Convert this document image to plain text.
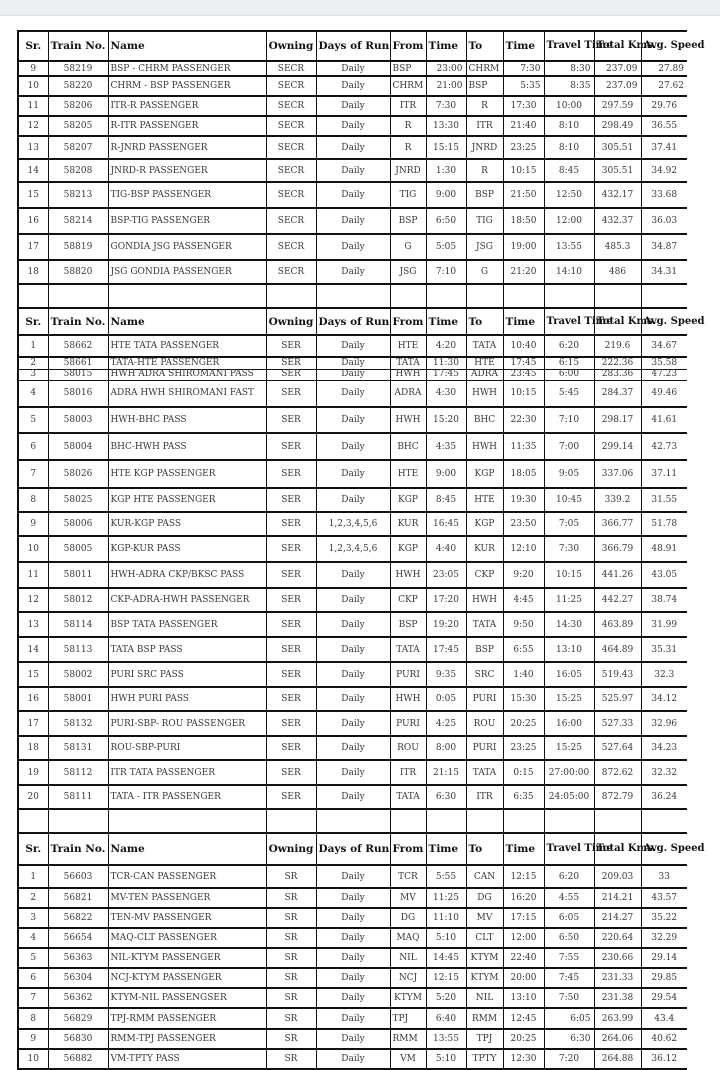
Sr.	Train No.	Name	Owning	Days of Run	From	Time	To	Time	Travel Time	Total Kms.	Avg. Speed
9	58219	BSP - CHRM PASSENGER	SECR	Daily	BSP	23:00	CHRM	7:30	8:30	237.09	27.89
10	58220	CHRM - BSP PASSENGER	SECR	Daily	CHRM	21:00	BSP	5:35	8:35	237.09	27.62
11	58206	ITR-R PASSENGER	SECR	Daily	ITR	7:30	R	17:30	10:00	297.59	29.76
12	58205	R-ITR PASSENGER	SECR	Daily	R	13:30	ITR	21:40	8:10	298.49	36.55
13	58207	R-JNRD PASSENGER	SECR	Daily	R	15:15	JNRD	23:25	8:10	305.51	37.41
14	58208	JNRD-R PASSENGER	SECR	Daily	JNRD	1:30	R	10:15	8:45	305.51	34.92
15	58213	TIG-BSP PASSENGER	SECR	Daily	TIG	9:00	BSP	21:50	12:50	432.17	33.68
16	58214	BSP-TIG PASSENGER	SECR	Daily	BSP	6:50	TIG	18:50	12:00	432.37	36.03
17	58819	GONDIA JSG PASSENGER	SECR	Daily	G	5:05	JSG	19:00	13:55	485.3	34.87
18	58820	JSG GONDIA PASSENGER	SECR	Daily	JSG	7:10	G	21:20	14:10	486	34.31

Sr.	Train No.	Name	Owning	Days of Run	From	Time	To	Time	Travel Time	Total Kms.	Avg. Speed
1	58662	HTE TATA PASSENGER	SER	Daily	HTE	4:20	TATA	10:40	6:20	219.6	34.67
2	58661	TATA-HTE PASSENGER	SER	Daily	TATA	11:30	HTE	17:45	6:15	222.36	35.58
3	58015	HWH ADRA SHIROMANI PASS	SER	Daily	HWH	17:45	ADRA	23:45	6:00	283.36	47.23
4	58016	ADRA HWH SHIROMANI FAST	SER	Daily	ADRA	4:30	HWH	10:15	5:45	284.37	49.46
5	58003	HWH-BHC PASS	SER	Daily	HWH	15:20	BHC	22:30	7:10	298.17	41.61
6	58004	BHC-HWH PASS	SER	Daily	BHC	4:35	HWH	11:35	7:00	299.14	42.73
7	58026	HTE KGP PASSENGER	SER	Daily	HTE	9:00	KGP	18:05	9:05	337.06	37.11
8	58025	KGP HTE PASSENGER	SER	Daily	KGP	8:45	HTE	19:30	10:45	339.2	31.55
9	58006	KUR-KGP PASS	SER	1,2,3,4,5,6	KUR	16:45	KGP	23:50	7:05	366.77	51.78
10	58005	KGP-KUR PASS	SER	1,2,3,4,5,6	KGP	4:40	KUR	12:10	7:30	366.79	48.91
11	58011	HWH-ADRA CKP/BKSC PASS	SER	Daily	HWH	23:05	CKP	9:20	10:15	441.26	43.05
12	58012	CKP-ADRA-HWH PASSENGER	SER	Daily	CKP	17:20	HWH	4:45	11:25	442.27	38.74
13	58114	BSP TATA PASSENGER	SER	Daily	BSP	19:20	TATA	9:50	14:30	463.89	31.99
14	58113	TATA BSP PASS	SER	Daily	TATA	17:45	BSP	6:55	13:10	464.89	35.31
15	58002	PURI SRC PASS	SER	Daily	PURI	9:35	SRC	1:40	16:05	519.43	32.3
16	58001	HWH PURI PASS	SER	Daily	HWH	0:05	PURI	15:30	15:25	525.97	34.12
17	58132	PURI-SBP- ROU PASSENGER	SER	Daily	PURI	4:25	ROU	20:25	16:00	527.33	32.96
18	58131	ROU-SBP-PURI	SER	Daily	ROU	8:00	PURI	23:25	15:25	527.64	34.23
19	58112	ITR TATA PASSENGER	SER	Daily	ITR	21:15	TATA	0:15	27:00:00	872.62	32.32
20	58111	TATA - ITR PASSENGER	SER	Daily	TATA	6:30	ITR	6:35	24:05:00	872.79	36.24

Sr.	Train No.	Name	Owning	Days of Run	From	Time	To	Time	Travel Time	Total Kms.	Avg. Speed
1	56603	TCR-CAN PASSENGER	SR	Daily	TCR	5:55	CAN	12:15	6:20	209.03	33
2	56821	MV-TEN PASSENGER	SR	Daily	MV	11:25	DG	16:20	4:55	214.21	43.57
3	56822	TEN-MV PASSENGER	SR	Daily	DG	11:10	MV	17:15	6:05	214.27	35.22
4	56654	MAQ-CLT PASSENGER	SR	Daily	MAQ	5:10	CLT	12:00	6:50	220.64	32.29
5	56363	NIL-KTYM PASSENGER	SR	Daily	NIL	14:45	KTYM	22:40	7:55	230.66	29.14
6	56304	NCJ-KTYM PASSENGER	SR	Daily	NCJ	12:15	KTYM	20:00	7:45	231.33	29.85
7	56362	KTYM-NIL PASSENGSER	SR	Daily	KTYM	5:20	NIL	13:10	7:50	231.38	29.54
8	56829	TPJ-RMM PASSENGER	SR	Daily	TPJ	6:40	RMM	12:45	6:05	263.99	43.4
9	56830	RMM-TPJ PASSENGER	SR	Daily	RMM	13:55	TPJ	20:25	6:30	264.06	40.62
10	56882	VM-TPTY PASS	SR	Daily	VM	5:10	TPTY	12:30	7:20	264.88	36.12
